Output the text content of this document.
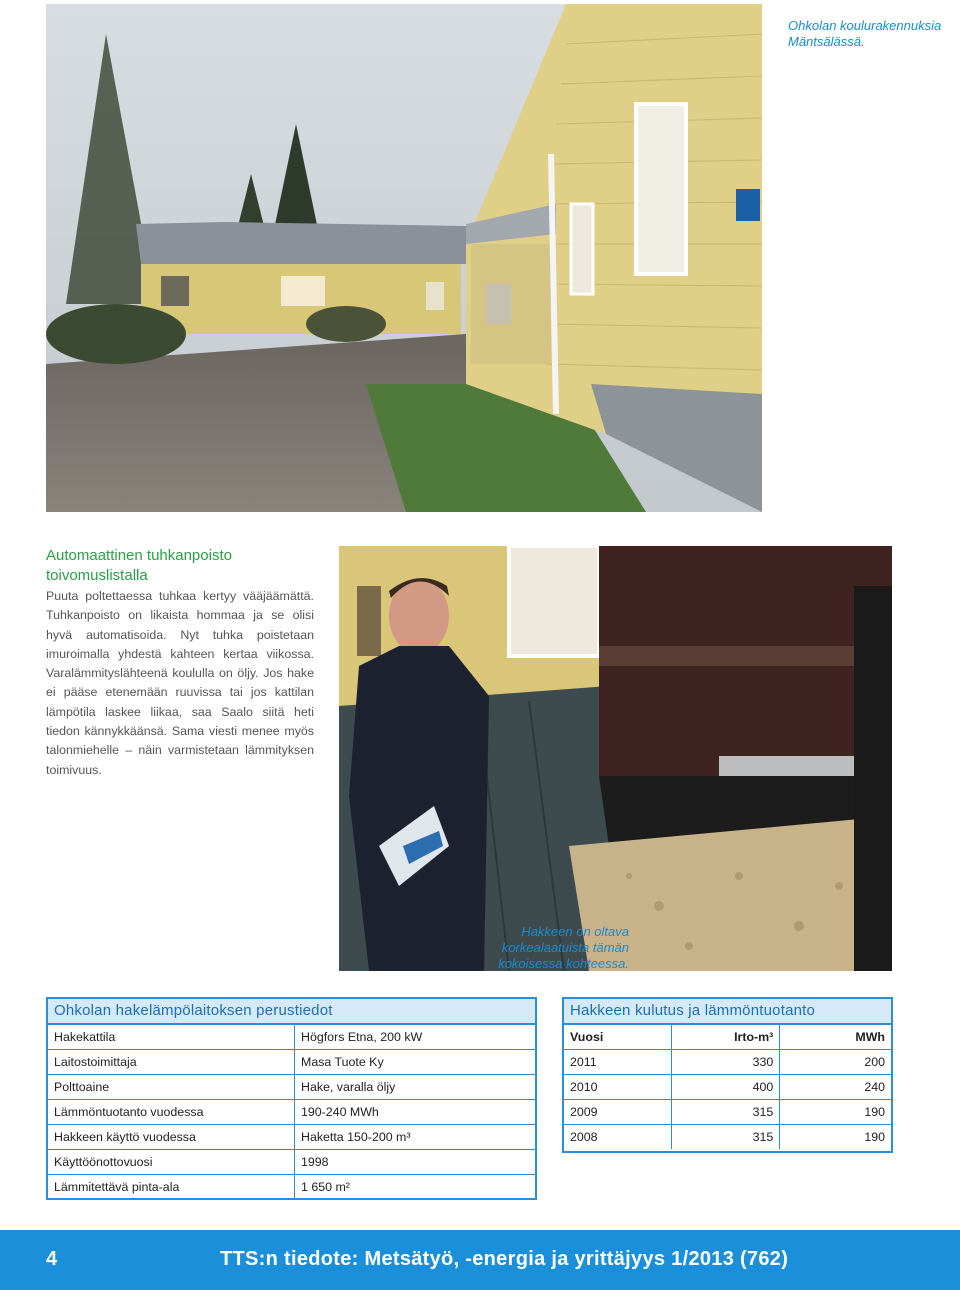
Ohkolan koulurakennuksia Mäntsälässä.
Automaattinen tuhkanpoisto toivomuslistalla

Puuta poltettaessa tuhkaa kertyy vääjäämättä. Tuhkanpoisto on likaista hommaa ja se olisi hyvä automatisoida. Nyt tuhka poistetaan imuroimalla yhdestä kahteen kertaa viikossa. Varalämmityslähteenä koululla on öljy. Jos hake ei pääse etenemään ruuvissa tai jos kattilan lämpötila laskee liikaa, saa Saalo siitä heti tiedon kännykkäänsä. Sama viesti menee myös talonmiehelle – näin varmistetaan lämmityksen toimivuus.

Hakkeen on oltava korkealaatuista tämän kokoisessa kohteessa.
Ohkolan hakelämpölaitoksen perustiedot
Hakekattila	Högfors Etna, 200 kW
Laitostoimittaja	Masa Tuote Ky
Polttoaine	Hake, varalla öljy
Lämmöntuotanto vuodessa	190-240 MWh
Hakkeen käyttö vuodessa	Haketta 150-200 m³
Käyttöönottovuosi	1998
Lämmitettävä pinta-ala	1 650 m²
Hakkeen kulutus ja lämmöntuotanto
Vuosi	Irto-m³	MWh
2011	330	200
2010	400	240
2009	315	190
2008	315	190
4	TTS:n tiedote: Metsätyö, -energia ja yrittäjyys 1/2013 (762)
